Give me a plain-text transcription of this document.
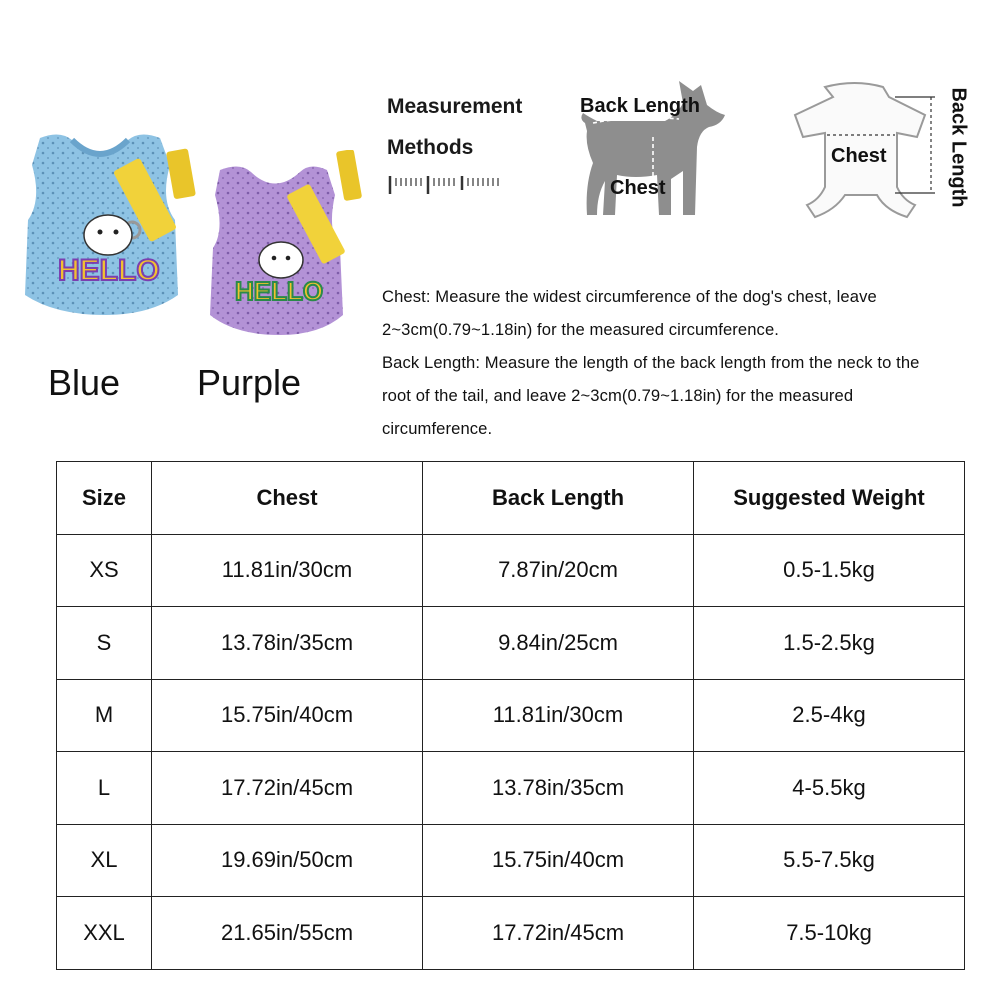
HELLO
HELLO
Blue Purple
Measurement
Methods
Back Length
Chest
Chest	Back Length

Chest: Measure the widest circumference of the dog's chest, leave 2~3cm(0.79~1.18in) for the measured circumference.

Back Length: Measure the length of the back length from the neck to the root of the tail, and leave 2~3cm(0.79~1.18in) for the measured circumference.

Size	Chest	Back Length	Suggested Weight
XS	11.81in/30cm	7.87in/20cm	0.5-1.5kg
S	13.78in/35cm	9.84in/25cm	1.5-2.5kg
M	15.75in/40cm	11.81in/30cm	2.5-4kg
L	17.72in/45cm	13.78in/35cm	4-5.5kg
XL	19.69in/50cm	15.75in/40cm	5.5-7.5kg
XXL	21.65in/55cm	17.72in/45cm	7.5-10kg
